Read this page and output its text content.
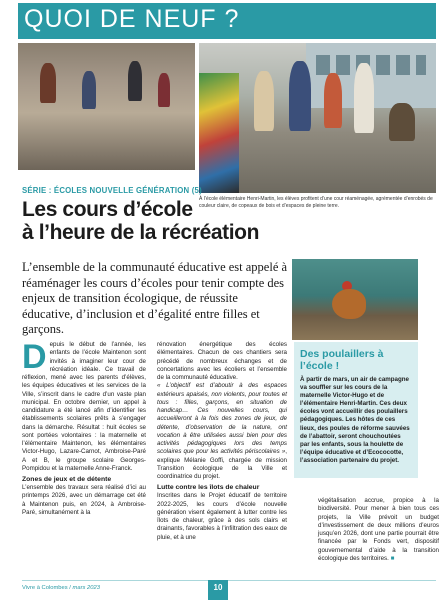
QUOI DE NEUF ?

À l’école élémentaire Henri-Martin, les élèves profitent d’une cour réaménagée, agrémentée d’enrobés de couleur claire, de copeaux de bois et d’espaces de pleine terre.

SÉRIE : ÉCOLES NOUVELLE GÉNÉRATION (5)
Les cours d’école
à l’heure de la récréation

L’ensemble de la communauté éducative est appelé à réaménager les cours d’écoles pour tenir compte des enjeux de transition écologique, de réussite éducative, d’inclusion et d’égalité entre filles et garçons.

Des poulaillers à l’école !

À partir de mars, un air de campagne va souffler sur les cours de la maternelle Victor-Hugo et de l’élémentaire Henri-Martin. Ces deux écoles vont accueillir des poulaillers pédagogiques. Les hôtes de ces lieux, des poules de réforme sauvées de l’abattoir, seront chouchoutées par les enfants, sous la houlette de l’équipe éducative et d’Ecococotte, l’association partenaire du projet.

D epuis le début de l’année, les enfants de l’école Maintenon sont invités à imaginer leur cour de récréation idéale. Ce travail de réflexion, mené avec les parents d’élèves, les équipes éducatives et les services de la Ville, s’inscrit dans le cadre d’un vaste plan municipal. En octobre dernier, un appel à candidature a été lancé afin d’identifier les établissements scolaires prêts à s’engager dans la démarche. Résultat : huit écoles se sont portées volontaires : la maternelle et l’élémentaire Maintenon, les élémentaires Victor-Hugo, Lazare-Carnot, Ambroise-Paré A et B, le groupe scolaire Georges-Pompidou et la maternelle Anne-Franck.
Zones de jeux et de détente
L’ensemble des travaux sera réalisé d’ici au printemps 2026, avec un démarrage cet été à Maintenon puis, en 2024, à Ambroise-Paré, simultanément à la
rénovation énergétique des écoles élémentaires. Chacun de ces chantiers sera précédé de nombreux échanges et de concertations avec les écoliers et l’ensemble de la communauté éducative.
« L’objectif est d’aboutir à des espaces extérieurs apaisés, non violents, pour toutes et tous : filles, garçons, en situation de handicap… Ces nouvelles cours, qui accueilleront à la fois des zones de jeux, de détente, d’observation de la nature, ont vocation à être utilisées aussi bien pour des activités pédagogiques lors des temps scolaires que pour les activités périscolaires », explique Mélanie Goffi, chargée de mission Transition écologique de la Ville et coordinatrice du projet.
Lutte contre les îlots de chaleur
Inscrites dans le Projet éducatif de territoire 2022-2025, les cours d’école nouvelle génération visent également à lutter contre les îlots de chaleur, grâce à des sols clairs et drainants, favorables à l’infiltration des eaux de pluie, et à une
végétalisation accrue, propice à la biodiversité. Pour mener à bien tous ces projets, la Ville prévoit un budget d’investissement de deux millions d’euros jusqu’en 2026, dont une partie pourrait être financée par le Fonds vert, dispositif gouvernemental d’aide à la transition écologique des territoires. ■
Vivre à Colombes / mars 2023	10
